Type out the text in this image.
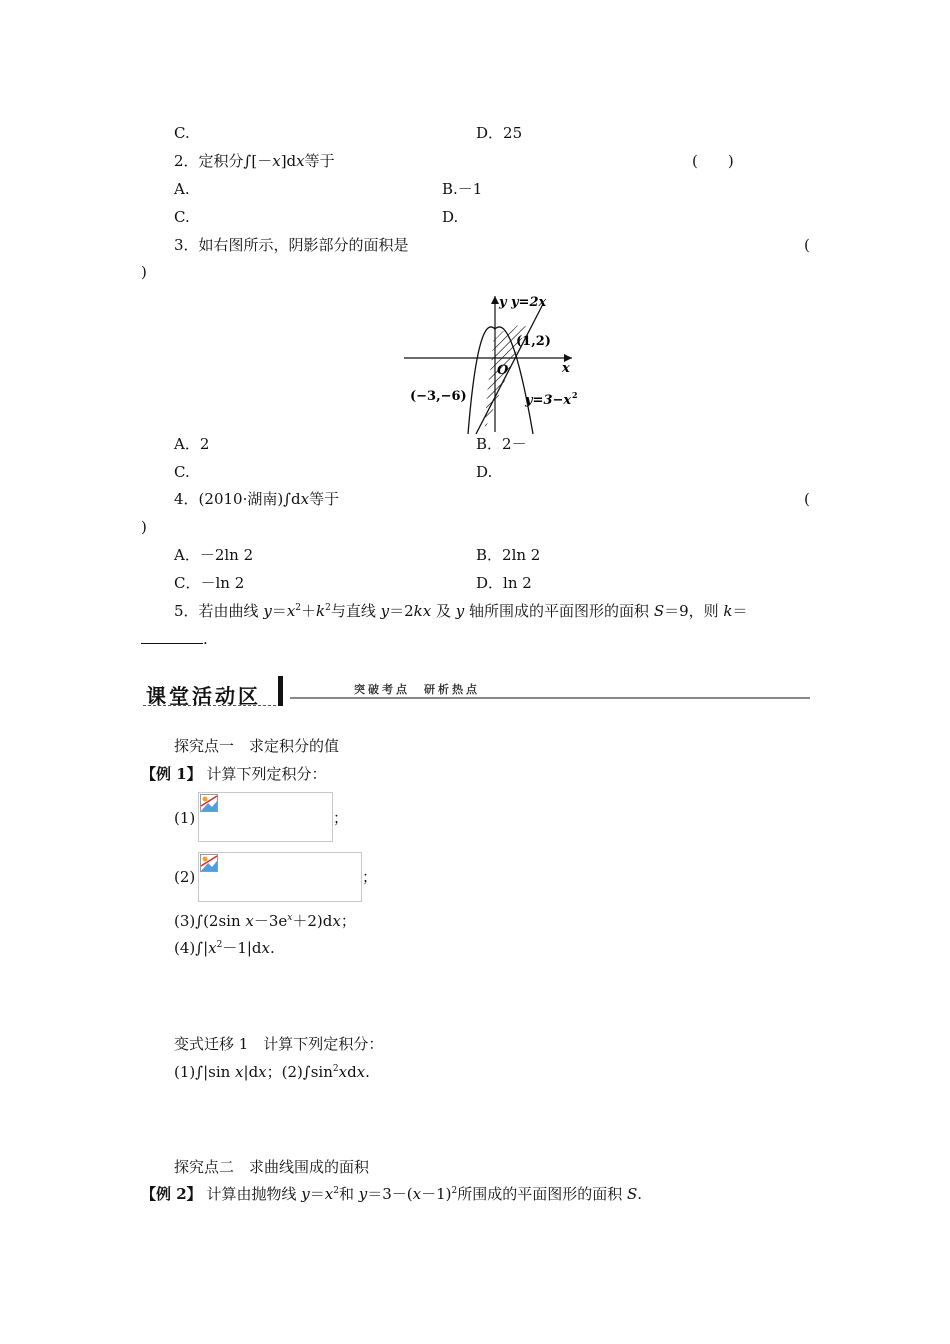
C.	D．25
2．定积分∫[－x]dx等于	(　　)
A.	B.－1
C.	D.
3．如右图所示，阴影部分的面积是	(
)
y y=2x
(1,2)
x
O
(−3,−6)	y=3−x 2
A．2	B．2－
C.	D.
4．(2010·湖南)∫dx等于	(
)
A．－2ln 2	B．2ln 2
C．－ln 2	D．ln 2
5．若由曲线 $y=x^2+k^2$与直线 y＝2kx 及 y 轴所围成的平面图形的面积 S＝9，则 k＝
.
课堂活动区	突破考点　研析热点
探究点一　求定积分的值
【例 1】 计算下列定积分：
(1)	；
(2)	；
(3)∫(2sin $x-3e^x+2)dx$；
$(4)\int|x^2-1|dx$.
变式迁移 1　计算下列定积分：
(1)∫|sin x|dx；$(2)\int\sin^2xdx$.
探究点二　求曲线围成的面积
【例 2】 计算由抛物线 $y=x^2$和 $y=3-(x-1)^2$所围成的平面图形的面积 S.
